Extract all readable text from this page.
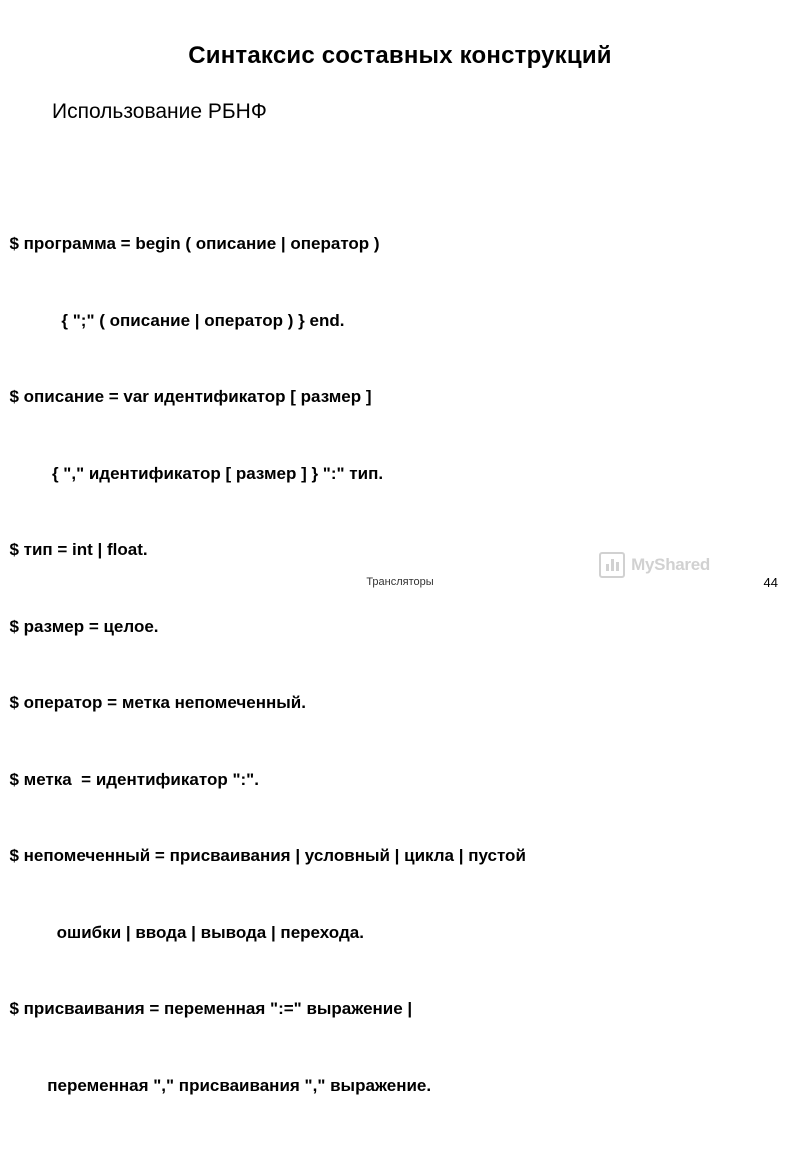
Синтаксис составных конструкций
Использование РБНФ

$ программа = begin ( описание | оператор )

{ ";" ( описание | оператор ) } end.

$ описание = var идентификатор [ размер ]

{ "," идентификатор [ размер ] } ":" тип.

$ тип = int | float.

$ размер = целое.

$ оператор = метка непомеченный.

$ метка  = идентификатор ":".

$ непомеченный = присваивания | условный | цикла | пустой

ошибки | ввода | вывода | перехода.

$ присваивания = переменная ":=" выражение |

переменная "," присваивания "," выражение.

MyShared
Трансляторы	44
